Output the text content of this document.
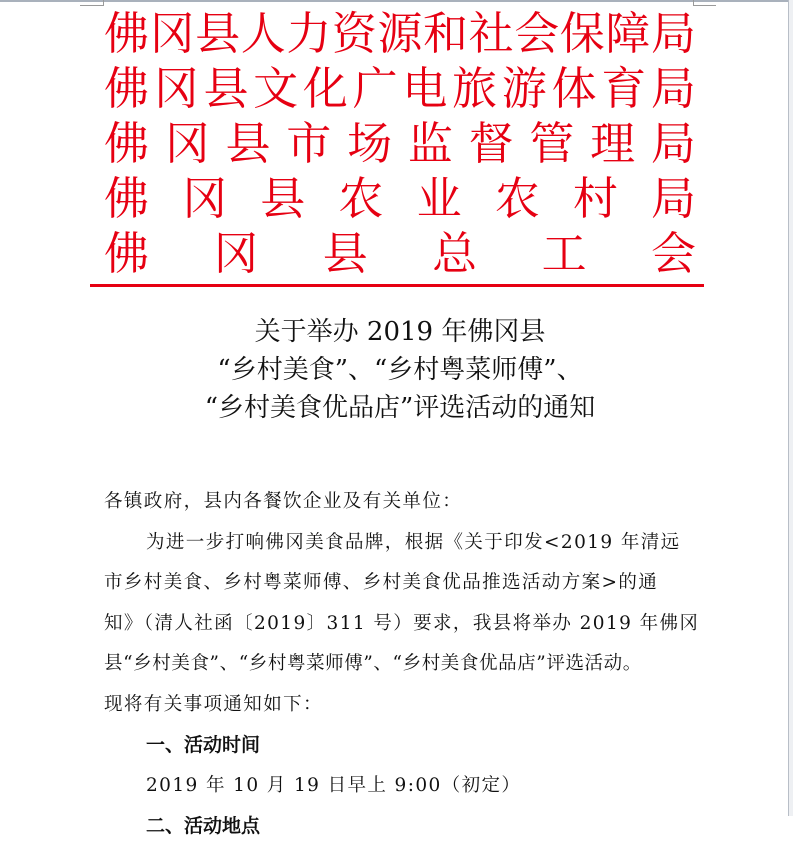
佛 冈 县 人 力 资 源 和 社 会 保 障 局
佛 冈 县 文 化 广 电 旅 游 体 育 局
佛 冈 县 市 场 监 督 管 理 局
佛 冈 县 农 业 农 村 局
佛 冈 县 总 工 会
关于举办 2019 年佛冈县
“乡村美食”、“乡村粤菜师傅”、
“乡村美食优品店”评选活动的通知

各镇政府，县内各餐饮企业及有关单位：

为进一步打响佛冈美食品牌，根据《关于印发<2019 年清远

市乡村美食、乡村粤菜师傅、乡村美食优品推选活动方案>的通

知》（清人社函〔2019〕311 号）要求，我县将举办 2019 年佛冈

县“乡村美食”、“乡村粤菜师傅”、“乡村美食优品店”评选活动。

现将有关事项通知如下：

一、活动时间

2019 年 10 月 19 日早上 9:00（初定）

二、活动地点
